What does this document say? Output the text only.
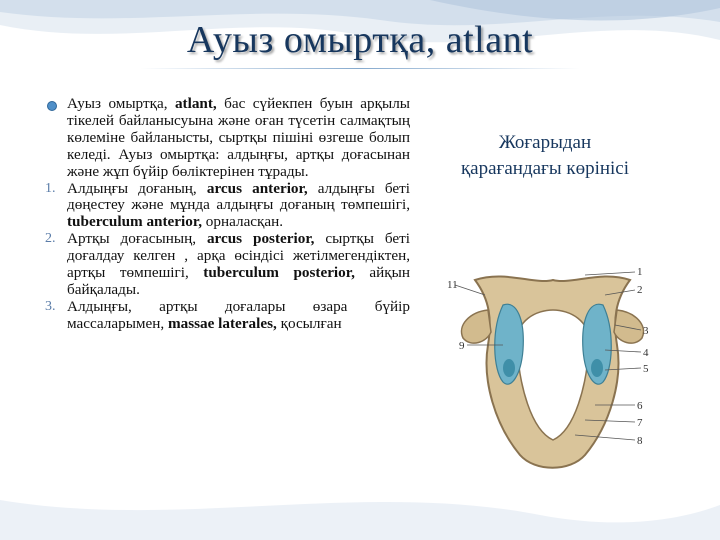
Ауыз омыртқа, atlant
Ауыз омыртқа, atlant, бас сүйекпен буын арқылы тікелей байланысуына және оған түсетін салмақтың көлеміне байланысты, сыртқы пішіні өзгеше болып келеді. Ауыз омыртқа: алдыңғы, артқы доғасынан және жұп бүйір бөліктерінен тұрады.
1. Алдыңғы доғаның, arcus anterior, алдыңғы беті дөңестеу және мұнда алдыңғы доғаның төмпешігі, tuberculum anterior, орналасқан.
2. Артқы доғасының, arcus posterior, сыртқы беті доғалдау келген , арқа өсіндісі жетілмегендіктен, артқы төмпешігі, tuberculum posterior, айқын байқалады.
3. Алдыңғы, артқы доғалары өзара бүйір массаларымен, massae laterales, қосылған
Жоғарыдан
қарағандағы көрінісі
11
9
1
2
3
4
5
6
7
8
